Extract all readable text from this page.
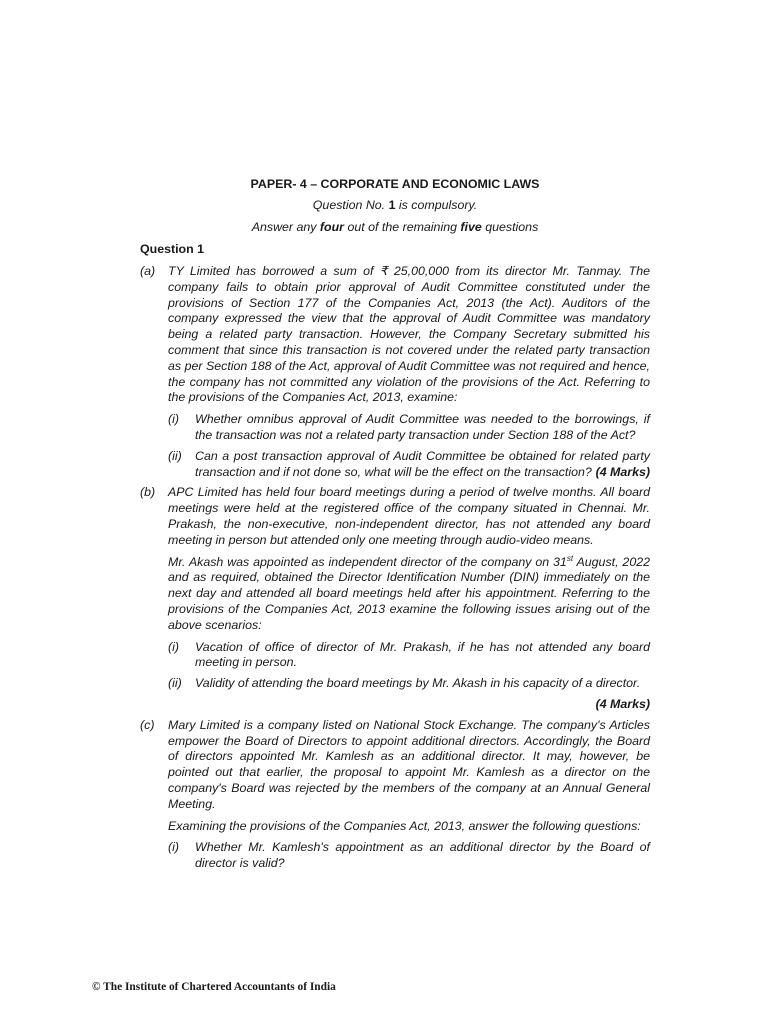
PAPER- 4 – CORPORATE AND ECONOMIC LAWS

Question No. 1 is compulsory.

Answer any four out of the remaining five questions

Question 1

(a) TY Limited has borrowed a sum of ₹ 25,00,000 from its director Mr. Tanmay. The company fails to obtain prior approval of Audit Committee constituted under the provisions of Section 177 of the Companies Act, 2013 (the Act). Auditors of the company expressed the view that the approval of Audit Committee was mandatory being a related party transaction. However, the Company Secretary submitted his comment that since this transaction is not covered under the related party transaction as per Section 188 of the Act, approval of Audit Committee was not required and hence, the company has not committed any violation of the provisions of the Act. Referring to the provisions of the Companies Act, 2013, examine:

(i) Whether omnibus approval of Audit Committee was needed to the borrowings, if the transaction was not a related party transaction under Section 188 of the Act?
(ii) Can a post transaction approval of Audit Committee be obtained for related party transaction and if not done so, what will be the effect on the transaction? (4 Marks)
(b) APC Limited has held four board meetings during a period of twelve months. All board meetings were held at the registered office of the company situated in Chennai. Mr. Prakash, the non-executive, non-independent director, has not attended any board meeting in person but attended only one meeting through audio-video means.

Mr. Akash was appointed as independent director of the company on 31st August, 2022 and as required, obtained the Director Identification Number (DIN) immediately on the next day and attended all board meetings held after his appointment. Referring to the provisions of the Companies Act, 2013 examine the following issues arising out of the above scenarios:

(i) Vacation of office of director of Mr. Prakash, if he has not attended any board meeting in person.
(ii) Validity of attending the board meetings by Mr. Akash in his capacity of a director.

(4 Marks)

(c) Mary Limited is a company listed on National Stock Exchange. The company's Articles empower the Board of Directors to appoint additional directors. Accordingly, the Board of directors appointed Mr. Kamlesh as an additional director. It may, however, be pointed out that earlier, the proposal to appoint Mr. Kamlesh as a director on the company's Board was rejected by the members of the company at an Annual General Meeting.

Examining the provisions of the Companies Act, 2013, answer the following questions:

(i) Whether Mr. Kamlesh's appointment as an additional director by the Board of director is valid?
© The Institute of Chartered Accountants of India
